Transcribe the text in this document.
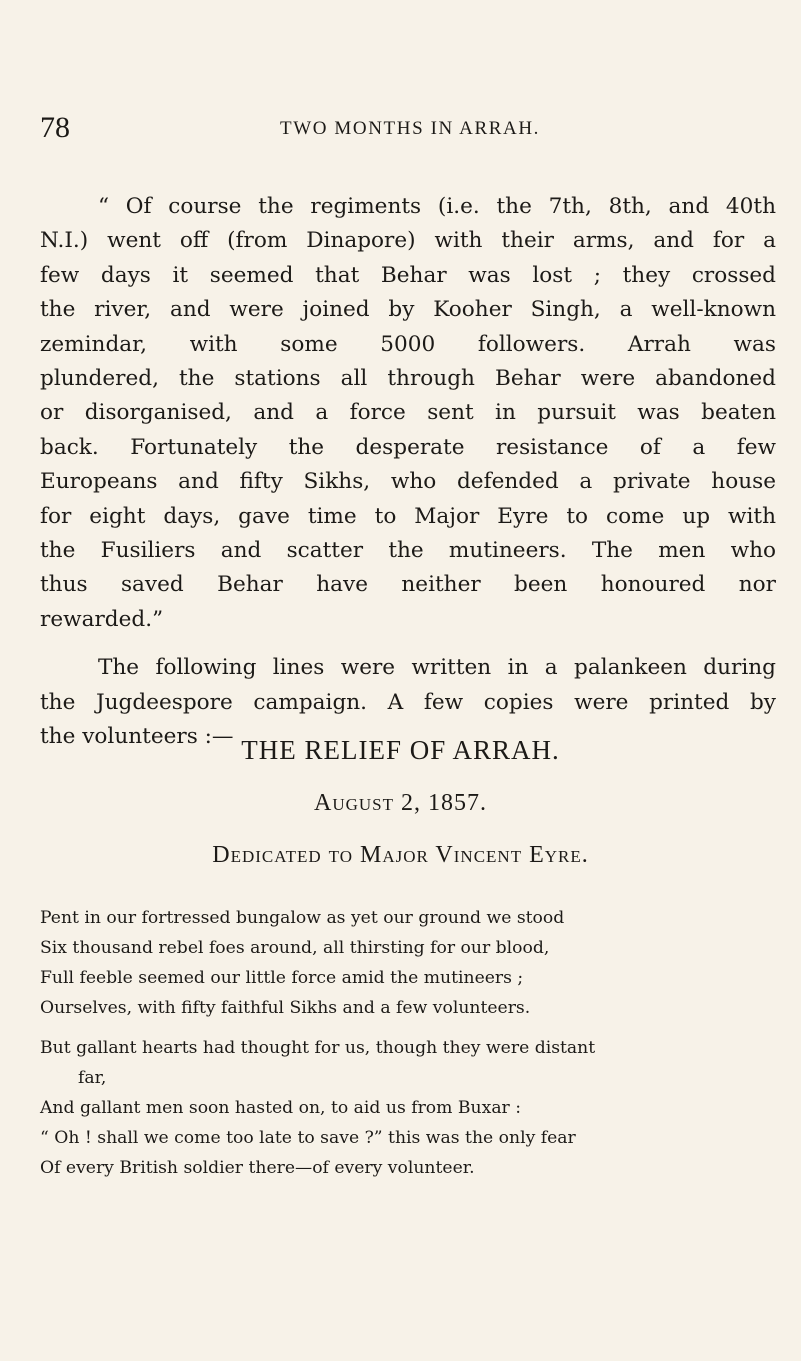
78	TWO MONTHS IN ARRAH.
“ Of course the regiments (i.e. the 7th, 8th, and 40th
N.I.) went off (from Dinapore) with their arms, and for a
few days it seemed that Behar was lost ; they crossed
the river, and were joined by Kooher Singh, a well-known
zemindar, with some 5000 followers. Arrah was
plundered, the stations all through Behar were abandoned
or disorganised, and a force sent in pursuit was beaten
back. Fortunately the desperate resistance of a few
Europeans and fifty Sikhs, who defended a private house
for eight days, gave time to Major Eyre to come up with
the Fusiliers and scatter the mutineers. The men who
thus saved Behar have neither been honoured nor
rewarded.”
The following lines were written in a palankeen during
the Jugdeespore campaign. A few copies were printed by
the volunteers :— THE RELIEF OF ARRAH.
August 2, 1857.
Dedicated to Major Vincent Eyre.
Pent in our fortressed bungalow as yet our ground we stood
Six thousand rebel foes around, all thirsting for our blood,
Full feeble seemed our little force amid the mutineers ;
Ourselves, with fifty faithful Sikhs and a few volunteers.
But gallant hearts had thought for us, though they were distant
far,
And gallant men soon hasted on, to aid us from Buxar :
“ Oh ! shall we come too late to save ?” this was the only fear
Of every British soldier there—of every volunteer.
